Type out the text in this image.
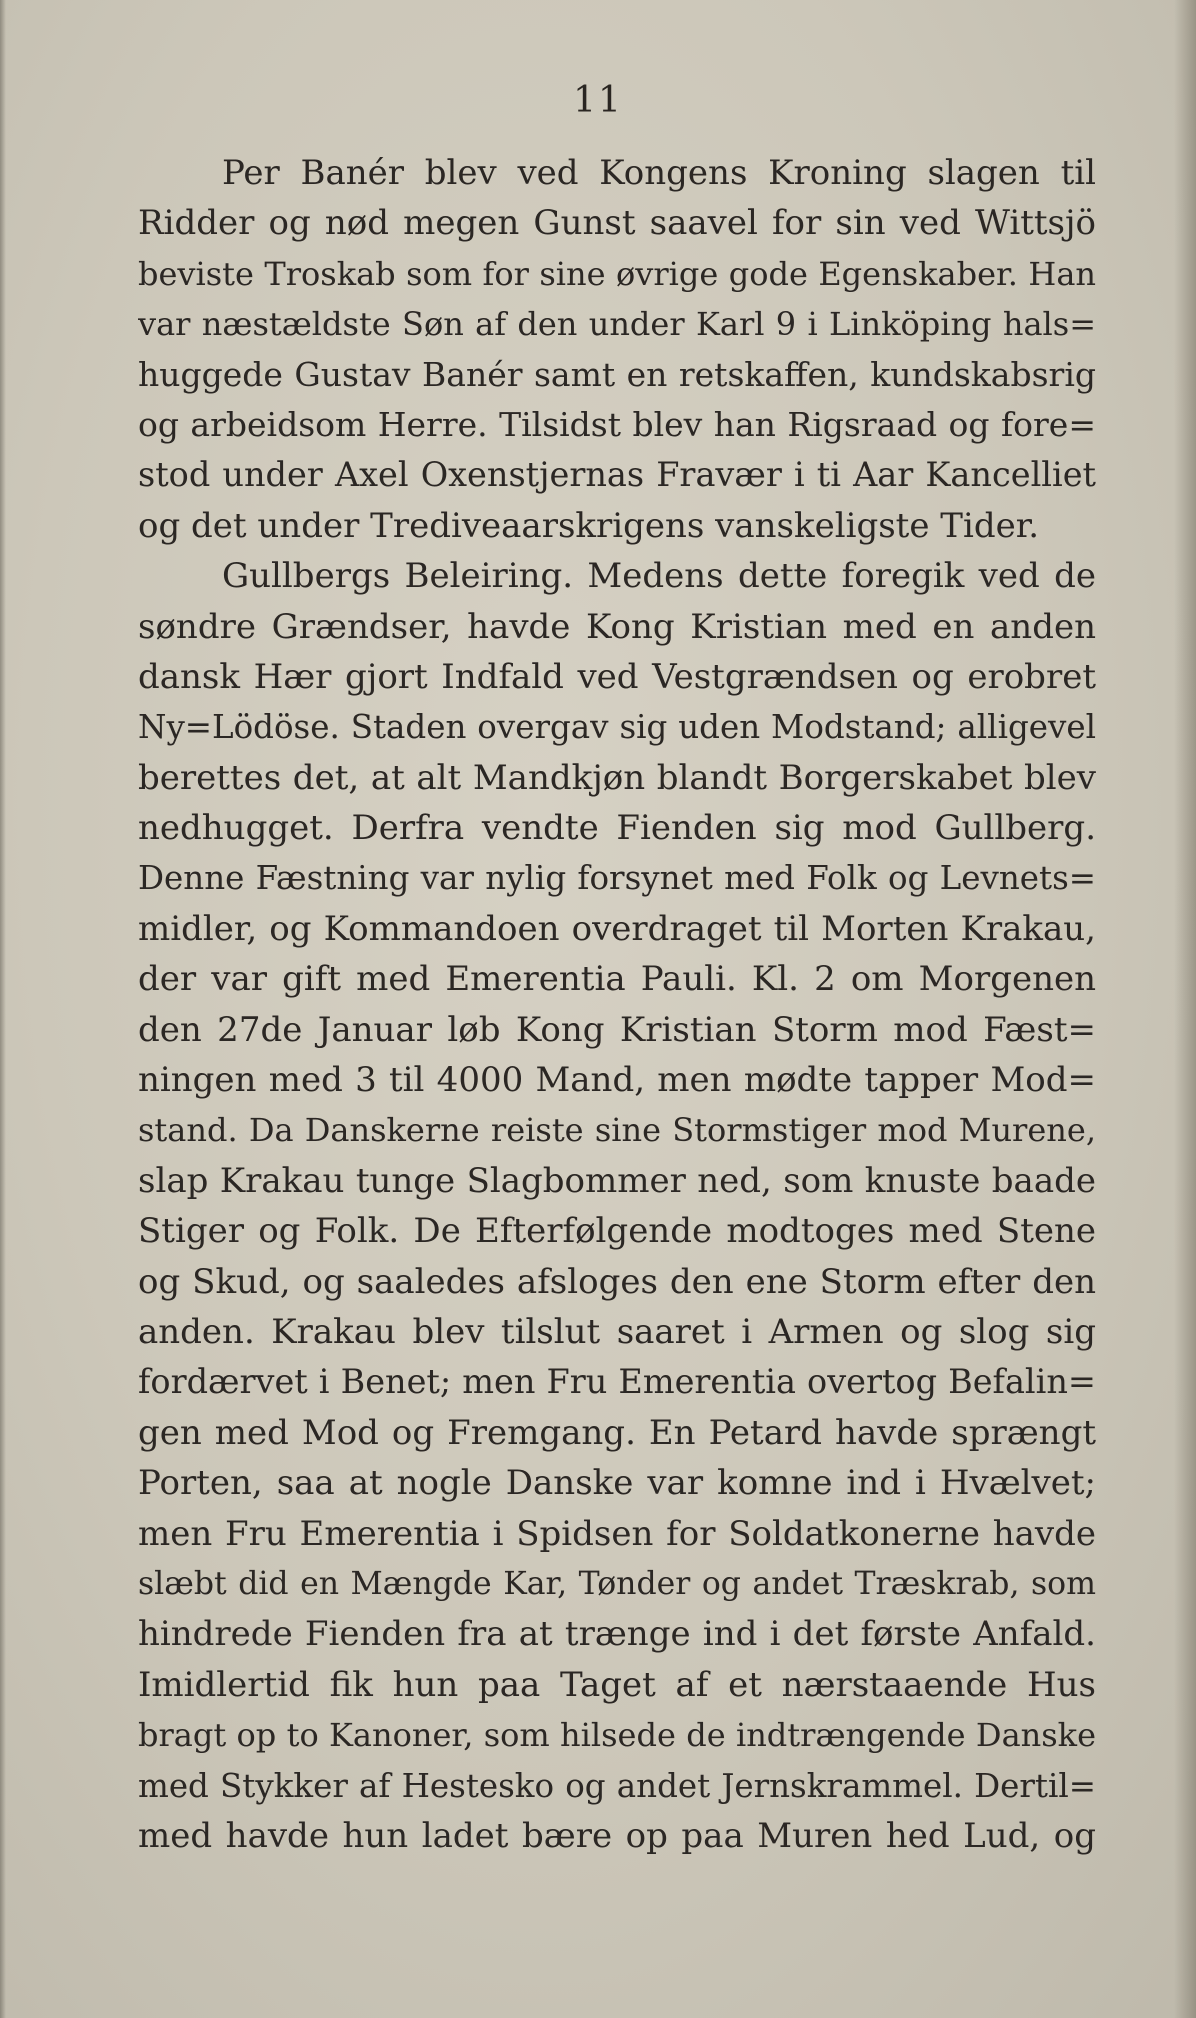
11
Per Banér blev ved Kongens Kroning slagen til
Ridder og nød megen Gunst saavel for sin ved Wittsjö
beviste Troskab som for sine øvrige gode Egenskaber. Han
var næstældste Søn af den under Karl 9 i Linköping hals=
huggede Gustav Banér samt en retskaffen, kundskabsrig
og arbeidsom Herre. Tilsidst blev han Rigsraad og fore=
stod under Axel Oxenstjernas Fravær i ti Aar Kancelliet
og det under Trediveaarskrigens vanskeligste Tider.
Gullbergs Beleiring. Medens dette foregik ved de
søndre Grændser, havde Kong Kristian med en anden
dansk Hær gjort Indfald ved Vestgrændsen og erobret
Ny=Lödöse. Staden overgav sig uden Modstand; alligevel
berettes det, at alt Mandkjøn blandt Borgerskabet blev
nedhugget. Derfra vendte Fienden sig mod Gullberg.
Denne Fæstning var nylig forsynet med Folk og Levnets=
midler, og Kommandoen overdraget til Morten Krakau,
der var gift med Emerentia Pauli. Kl. 2 om Morgenen
den 27de Januar løb Kong Kristian Storm mod Fæst=
ningen med 3 til 4000 Mand, men mødte tapper Mod=
stand. Da Danskerne reiste sine Stormstiger mod Murene,
slap Krakau tunge Slagbommer ned, som knuste baade
Stiger og Folk. De Efterfølgende modtoges med Stene
og Skud, og saaledes afsloges den ene Storm efter den
anden. Krakau blev tilslut saaret i Armen og slog sig
fordærvet i Benet; men Fru Emerentia overtog Befalin=
gen med Mod og Fremgang. En Petard havde sprængt
Porten, saa at nogle Danske var komne ind i Hvælvet;
men Fru Emerentia i Spidsen for Soldatkonerne havde
slæbt did en Mængde Kar, Tønder og andet Træskrab, som
hindrede Fienden fra at trænge ind i det første Anfald.
Imidlertid fik hun paa Taget af et nærstaaende Hus
bragt op to Kanoner, som hilsede de indtrængende Danske
med Stykker af Hestesko og andet Jernskrammel. Dertil=
med havde hun ladet bære op paa Muren hed Lud, og
